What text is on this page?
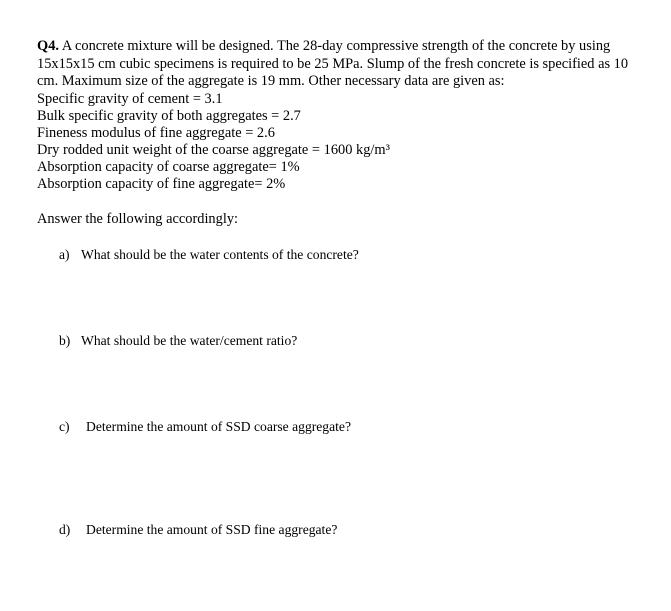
Q4. A concrete mixture will be designed. The 28-day compressive strength of the concrete by using 15x15x15 cm cubic specimens is required to be 25 MPa. Slump of the fresh concrete is specified as 10 cm. Maximum size of the aggregate is 19 mm. Other necessary data are given as:
Specific gravity of cement = 3.1
Bulk specific gravity of both aggregates = 2.7
Fineness modulus of fine aggregate = 2.6
Dry rodded unit weight of the coarse aggregate = 1600 kg/m³
Absorption capacity of coarse aggregate= 1%
Absorption capacity of fine aggregate= 2%
Answer the following accordingly:
a) What should be the water contents of the concrete?
b) What should be the water/cement ratio?
c) Determine the amount of SSD coarse aggregate?
d) Determine the amount of SSD fine aggregate?
